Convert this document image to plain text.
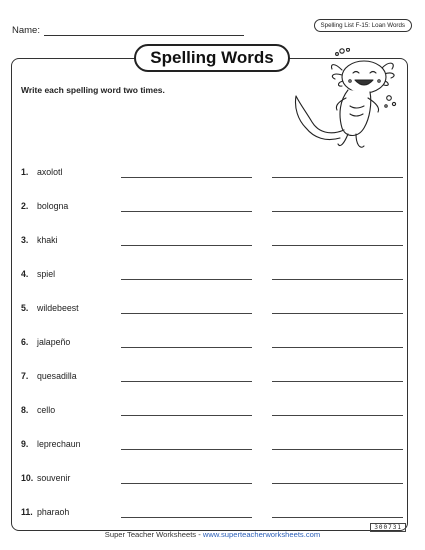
Name:	Spelling List F-15: Loan Words
Spelling Words
Write each spelling word two times.
1. axolotl
2. bologna
3. khaki
4. spiel
5. wildebeest
6. jalapeño
7. quesadilla
8. cello
9. leprechaun
10. souvenir
11. pharaoh
Super Teacher Worksheets - www.superteacherworksheets.com
300731
